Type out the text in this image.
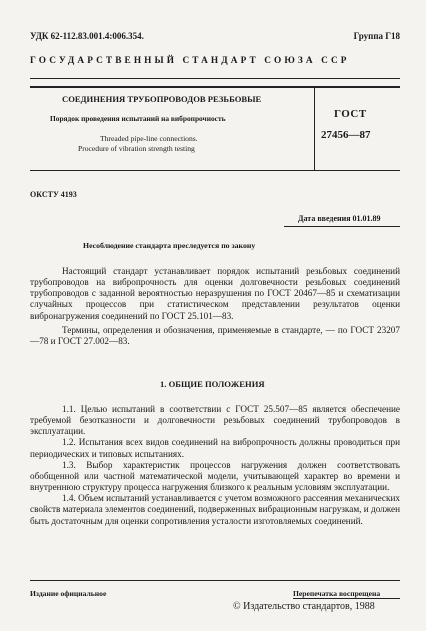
УДК 62-112.83.001.4:006.354.	Группа Г18
ГОСУДАРСТВЕННЫЙ СТАНДАРТ СОЮЗА ССР
СОЕДИНЕНИЯ ТРУБОПРОВОДОВ РЕЗЬБОВЫЕ
Порядок проведения испытаний на вибропрочность
Threaded pipe-line connections.
Procedure of vibration strength testing
ГОСТ
27456—87
ОКСТУ 4193
Дата введения 01.01.89
Несоблюдение стандарта преследуется по закону

Настоящий стандарт устанавливает порядок испытаний резьбовых соединений трубопроводов на вибропрочность для оценки долговечности резьбовых соединений трубопроводов с заданной вероятностью неразрушения по ГОСТ 20467—85 и схематизации случайных процессов при статистическом представлении результатов оценки вибронагружения соединений по ГОСТ 25.101—83.

Термины, определения и обозначения, применяемые в стандарте, — по ГОСТ 23207—78 и ГОСТ 27.002—83.

1. ОБЩИЕ ПОЛОЖЕНИЯ

1.1. Целью испытаний в соответствии с ГОСТ 25.507—85 является обеспечение требуемой безотказности и долговечности резьбовых соединений трубопроводов в эксплуатации.

1.2. Испытания всех видов соединений на вибропрочность должны проводиться при периодических и типовых испытаниях.

1.3. Выбор характеристик процессов нагружения должен соответствовать обобщенной или частной математической модели, учитывающей характер во времени и внутреннюю структуру процесса нагружения близкого к реальным условиям эксплуатации.

1.4. Объем испытаний устанавливается с учетом возможного рассеяния механических свойств материала элементов соединений, подверженных вибрационным нагрузкам, и должен быть достаточным для оценки сопротивления усталости изготовляемых соединений.

Издание официальное	Перепечатка воспрещена
© Издательство стандартов, 1988
